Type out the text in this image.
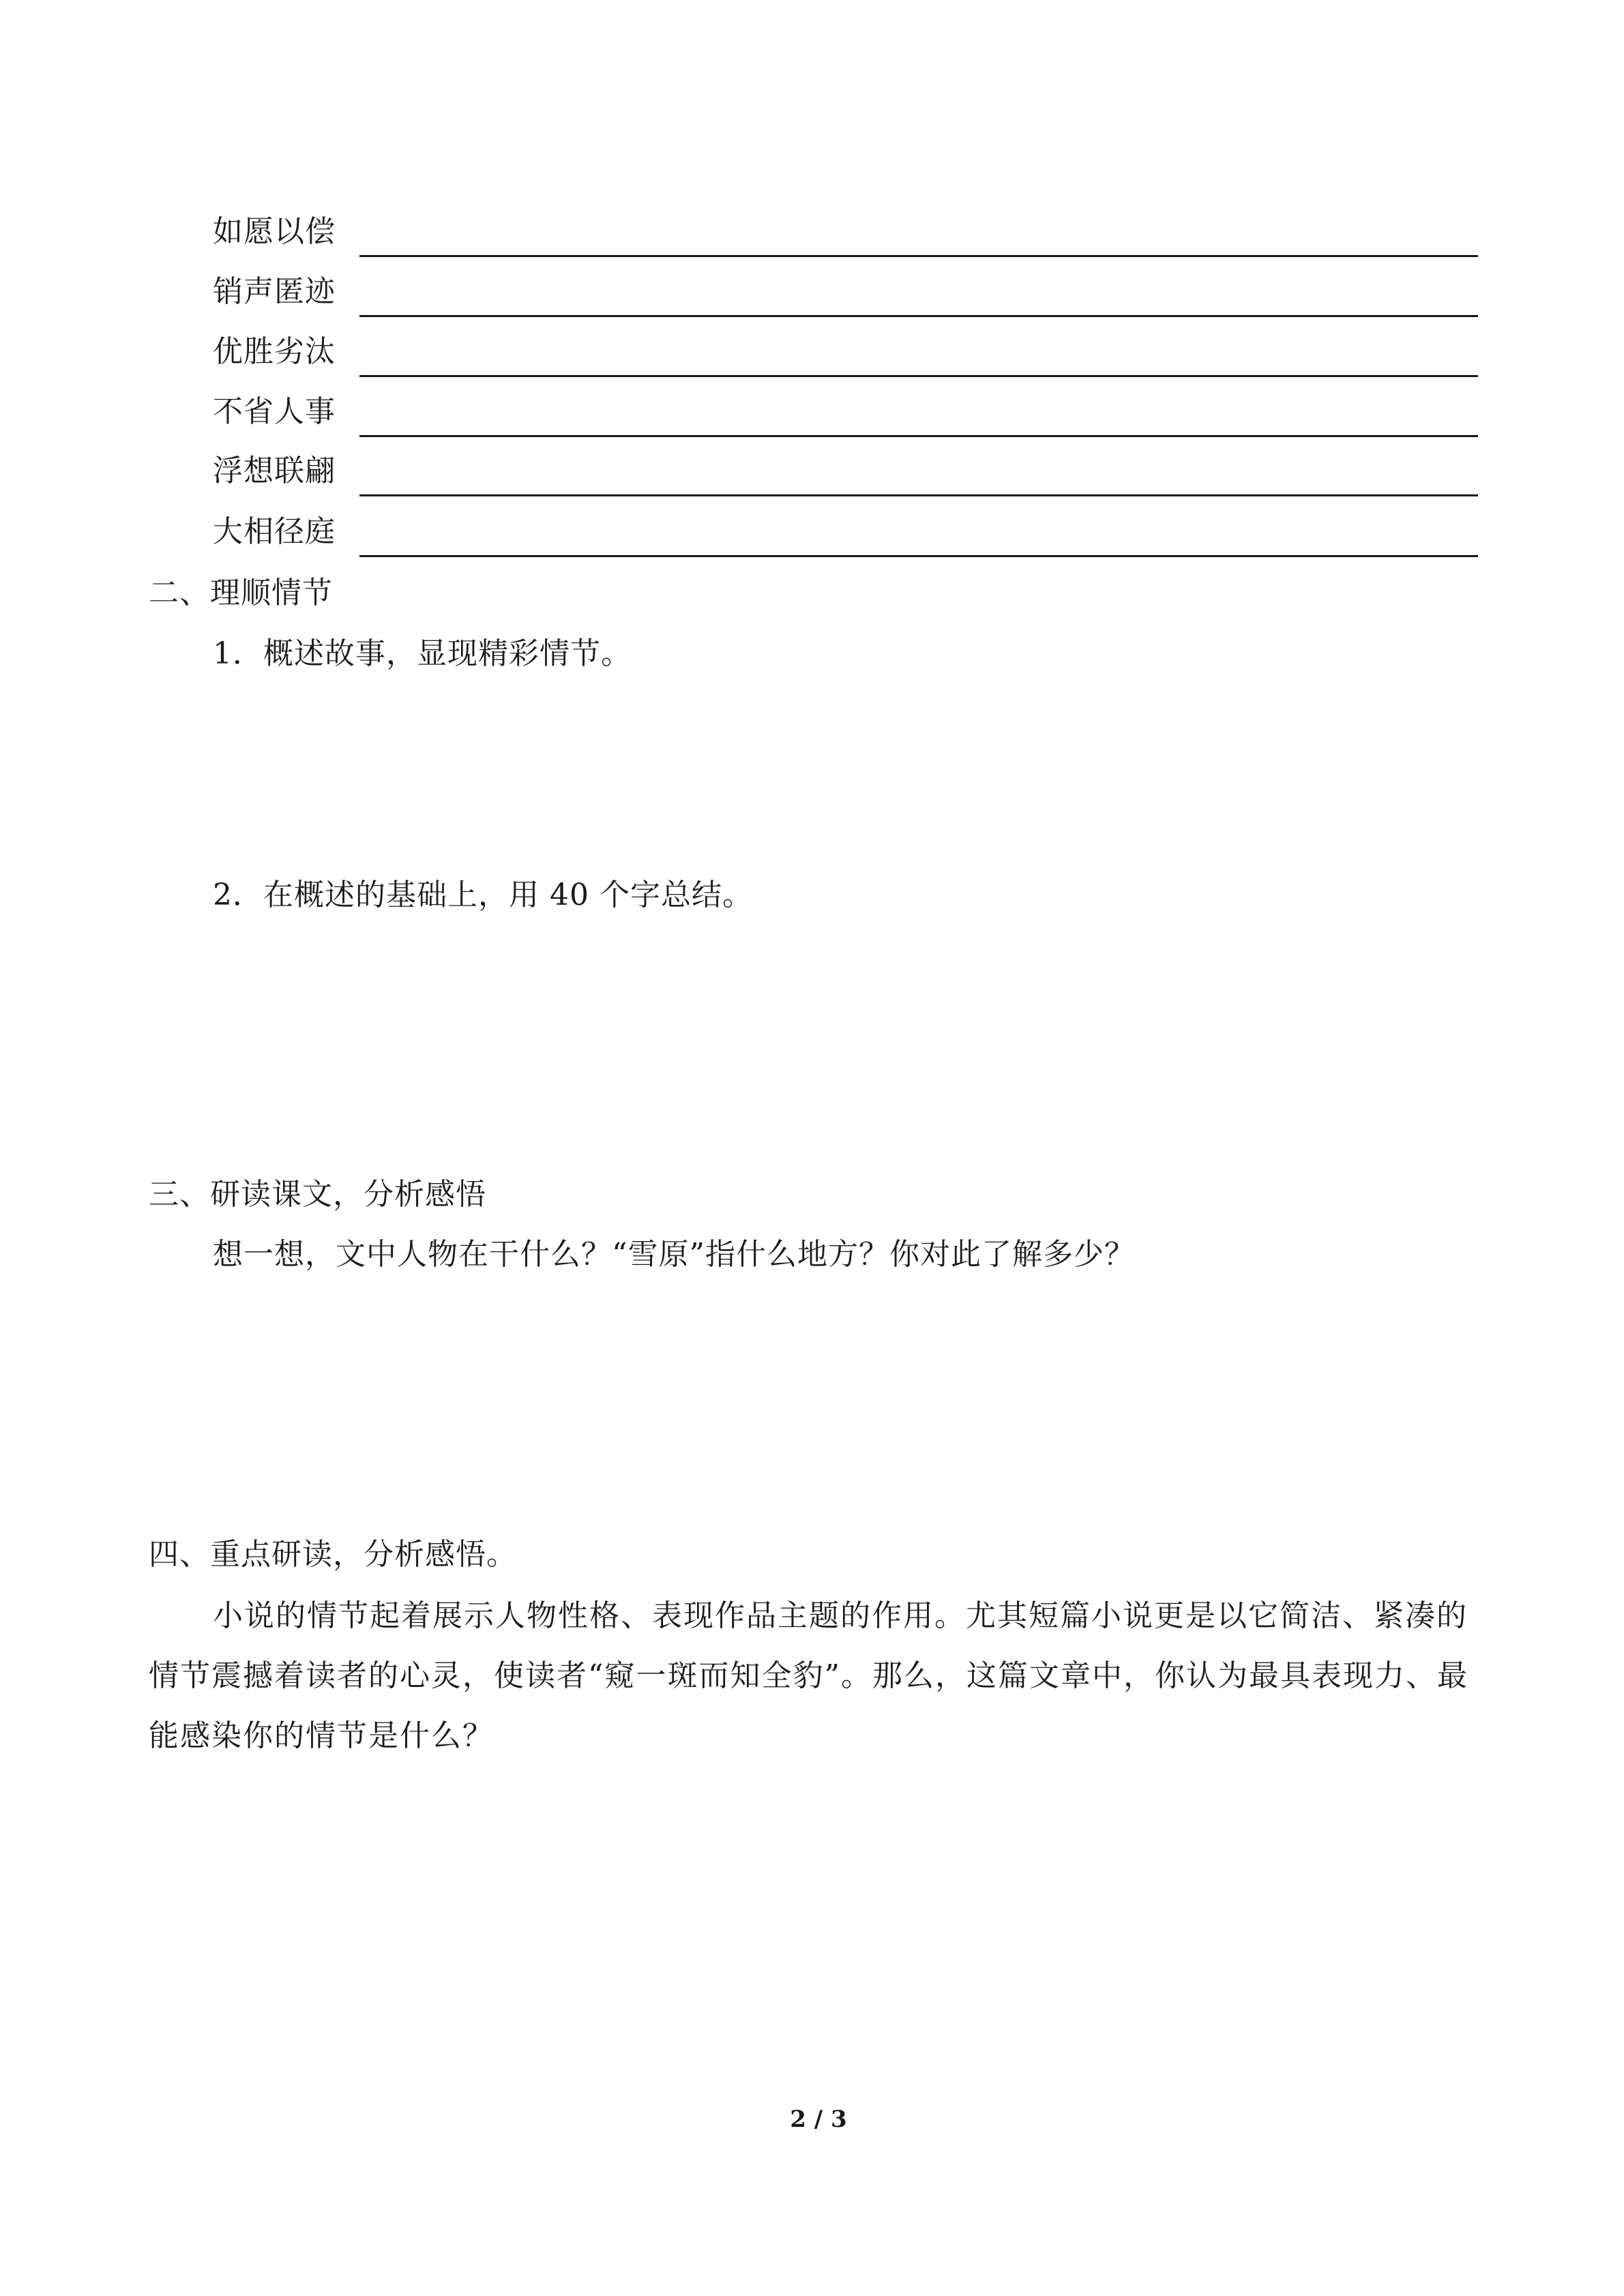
如愿以偿
销声匿迹
优胜劣汰
不省人事
浮想联翩
大相径庭
二、理顺情节
1．概述故事，显现精彩情节。
2．在概述的基础上，用 40 个字总结。
三、研读课文，分析感悟
想一想，文中人物在干什么？“雪原”指什么地方？你对此了解多少？
四、重点研读，分析感悟。
小说的情节起着展示人物性格、表现作品主题的作用。尤其短篇小说更是以它简洁、紧凑的情节震撼着读者的心灵，使读者“窥一斑而知全豹”。那么，这篇文章中，你认为最具表现力、最能感染你的情节是什么？
2 / 3
